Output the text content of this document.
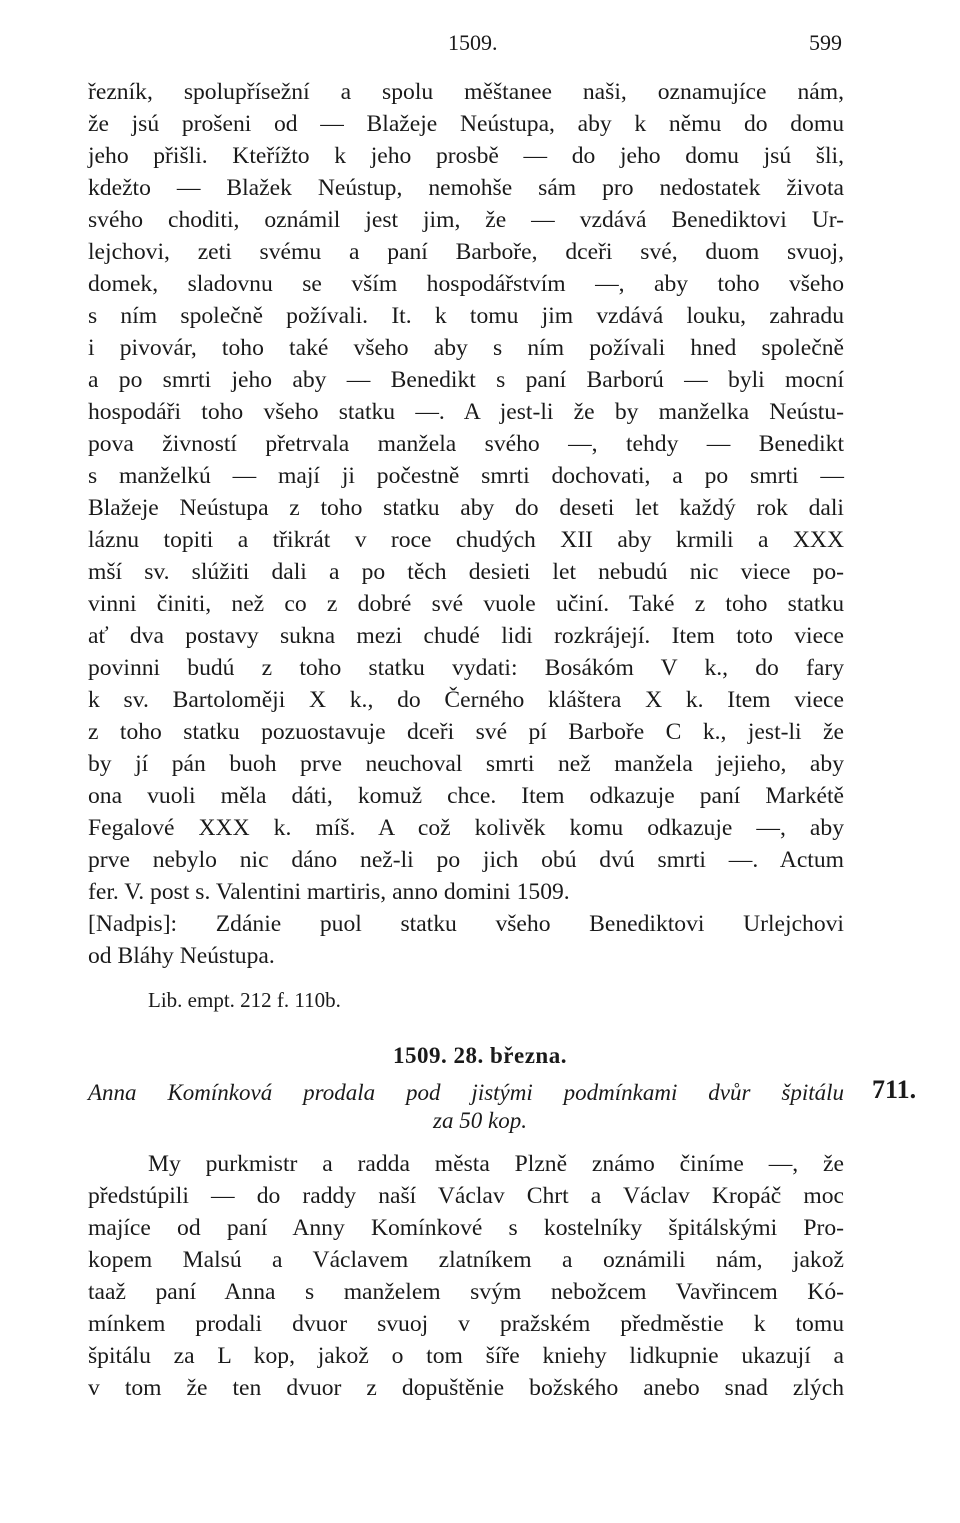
1509.	599
řezník, spolupřísežní a spolu měštanee naši, oznamujíce nám,
že jsú prošeni od — Blažeje Neústupa, aby k němu do domu
jeho přišli. Kteřížto k jeho prosbě — do jeho domu jsú šli,
kdežto — Blažek Neústup, nemohše sám pro nedostatek života
svého choditi, oznámil jest jim, že — vzdává Benediktovi Ur-
lejchovi, zeti svému a paní Barboře, dceři své, duom svuoj,
domek, sladovnu se vším hospodářstvím —, aby toho všeho
s ním společně požívali. It. k tomu jim vzdává louku, zahradu
i pivovár, toho také všeho aby s ním požívali hned společně
a po smrti jeho aby — Benedikt s paní Barború — byli mocní
hospodáři toho všeho statku —. A jest-li že by manželka Neústu-
pova živností přetrvala manžela svého —, tehdy — Benedikt
s manželkú — mají ji počestně smrti dochovati, a po smrti —
Blažeje Neústupa z toho statku aby do deseti let každý rok dali
láznu topiti a třikrát v roce chudých XII aby krmili a XXX
mší sv. slúžiti dali a po těch desieti let nebudú nic viece po-
vinni činiti, než co z dobré své vuole učiní. Také z toho statku
ať dva postavy sukna mezi chudé lidi rozkrájejí. Item toto viece
povinni budú z toho statku vydati: Bosákóm V k., do fary
k sv. Bartoloměji X k., do Černého kláštera X k. Item viece
z toho statku pozuostavuje dceři své pí Barboře C k., jest-li že
by jí pán buoh prve neuchoval smrti než manžela jejieho, aby
ona vuoli měla dáti, komuž chce. Item odkazuje paní Markétě
Fegalové XXX k. míš. A což kolivěk komu odkazuje —, aby
prve nebylo nic dáno než-li po jich obú dvú smrti —. Actum
fer. V. post s. Valentini martiris, anno domini 1509.
[Nadpis]: Zdánie puol statku všeho Benediktovi Urlejchovi
od Bláhy Neústupa.
Lib. empt. 212 f. 110b.
1509. 28. března.
Anna Komínková prodala pod jistými podmínkami dvůr špitálu
za 50 kop.
711.
My purkmistr a radda města Plzně známo činíme —, že
předstúpili — do raddy naší Václav Chrt a Václav Kropáč moc
majíce od paní Anny Komínkové s kostelníky špitálskými Pro-
kopem Malsú a Václavem zlatníkem a oznámili nám, jakož
taaž paní Anna s manželem svým nebožcem Vavřincem Kó-
mínkem prodali dvuor svuoj v pražském předměstie k tomu
špitálu za L kop, jakož o tom šíře kniehy lidkupnie ukazují a
v tom že ten dvuor z dopuštěnie božského anebo snad zlých
